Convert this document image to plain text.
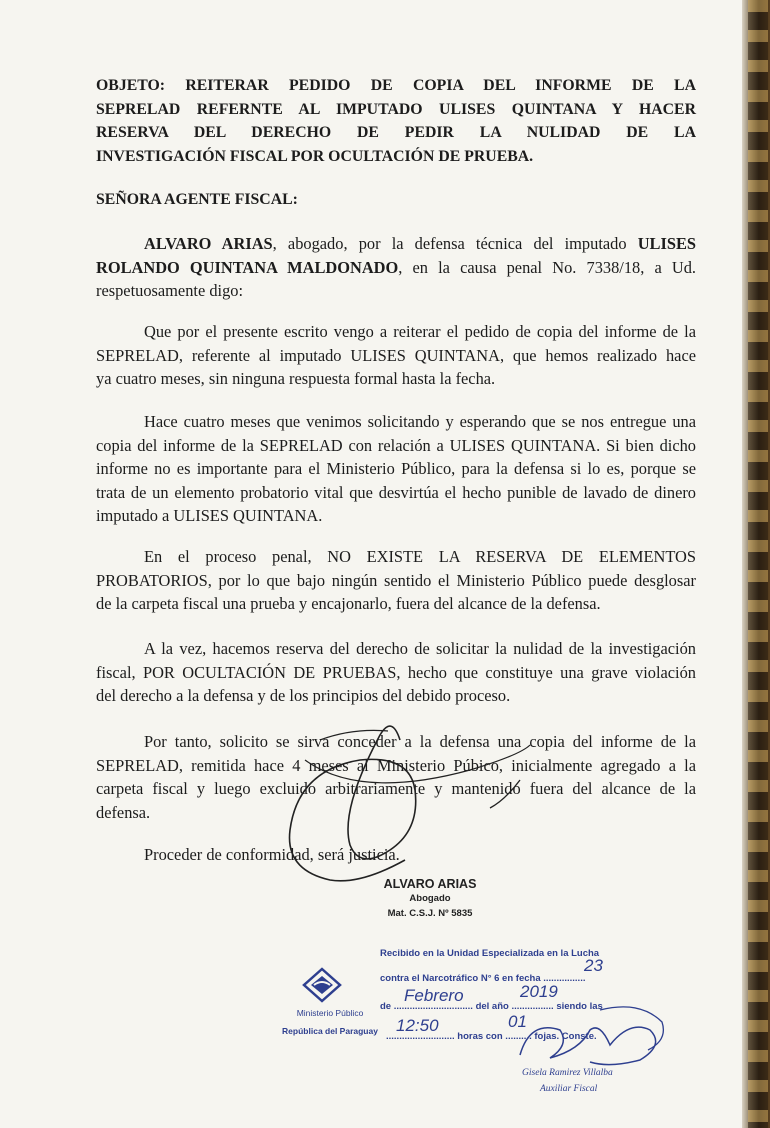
OBJETO: REITERAR PEDIDO DE COPIA DEL INFORME DE LA
SEPRELAD REFERNTE AL IMPUTADO ULISES QUINTANA Y HACER
RESERVA DEL DERECHO DE PEDIR LA NULIDAD DE LA
INVESTIGACIÓN FISCAL POR OCULTACIÓN DE PRUEBA.
SEÑORA AGENTE FISCAL:
ALVARO ARIAS, abogado, por la defensa técnica del imputado ULISES
ROLANDO QUINTANA MALDONADO, en la causa penal No. 7338/18, a Ud.
respetuosamente digo:
Que por el presente escrito vengo a reiterar el pedido de copia del informe de la
SEPRELAD, referente al imputado ULISES QUINTANA, que hemos realizado hace
ya cuatro meses, sin ninguna respuesta formal hasta la fecha.
Hace cuatro meses que venimos solicitando y esperando que se nos entregue una
copia del informe de la SEPRELAD con relación a ULISES QUINTANA. Si bien dicho
informe no es importante para el Ministerio Público, para la defensa si lo es, porque se
trata de un elemento probatorio vital que desvirtúa el hecho punible de lavado de dinero
imputado a ULISES QUINTANA.
En el proceso penal, NO EXISTE LA RESERVA DE ELEMENTOS
PROBATORIOS, por lo que bajo ningún sentido el Ministerio Público puede desglosar
de la carpeta fiscal una prueba y encajonarlo, fuera del alcance de la defensa.
A la vez, hacemos reserva del derecho de solicitar la nulidad de la investigación
fiscal, POR OCULTACIÓN DE PRUEBAS, hecho que constituye una grave violación
del derecho a la defensa y de los principios del debido proceso.
Por tanto, solicito se sirva conceder a la defensa una copia del informe de la
SEPRELAD, remitida hace 4 meses al Ministerio Púbico, inicialmente agregado a la
carpeta fiscal y luego excluido arbitrariamente y mantenido fuera del alcance de la
defensa.
Proceder de conformidad, será justicia.
ALVARO ARIAS
Abogado
Mat. C.S.J. Nº 5835
Ministerio Público
República del Paraguay
Recibido en la Unidad Especializada en la Lucha
contra el Narcotráfico N° 6 en fecha ................
23
de .............................. del año ................ siendo las
Febrero	2019
.......................... horas con .......... fojas. Conste.
12:50	01
Gisela Ramirez Villalba
Auxiliar Fiscal
